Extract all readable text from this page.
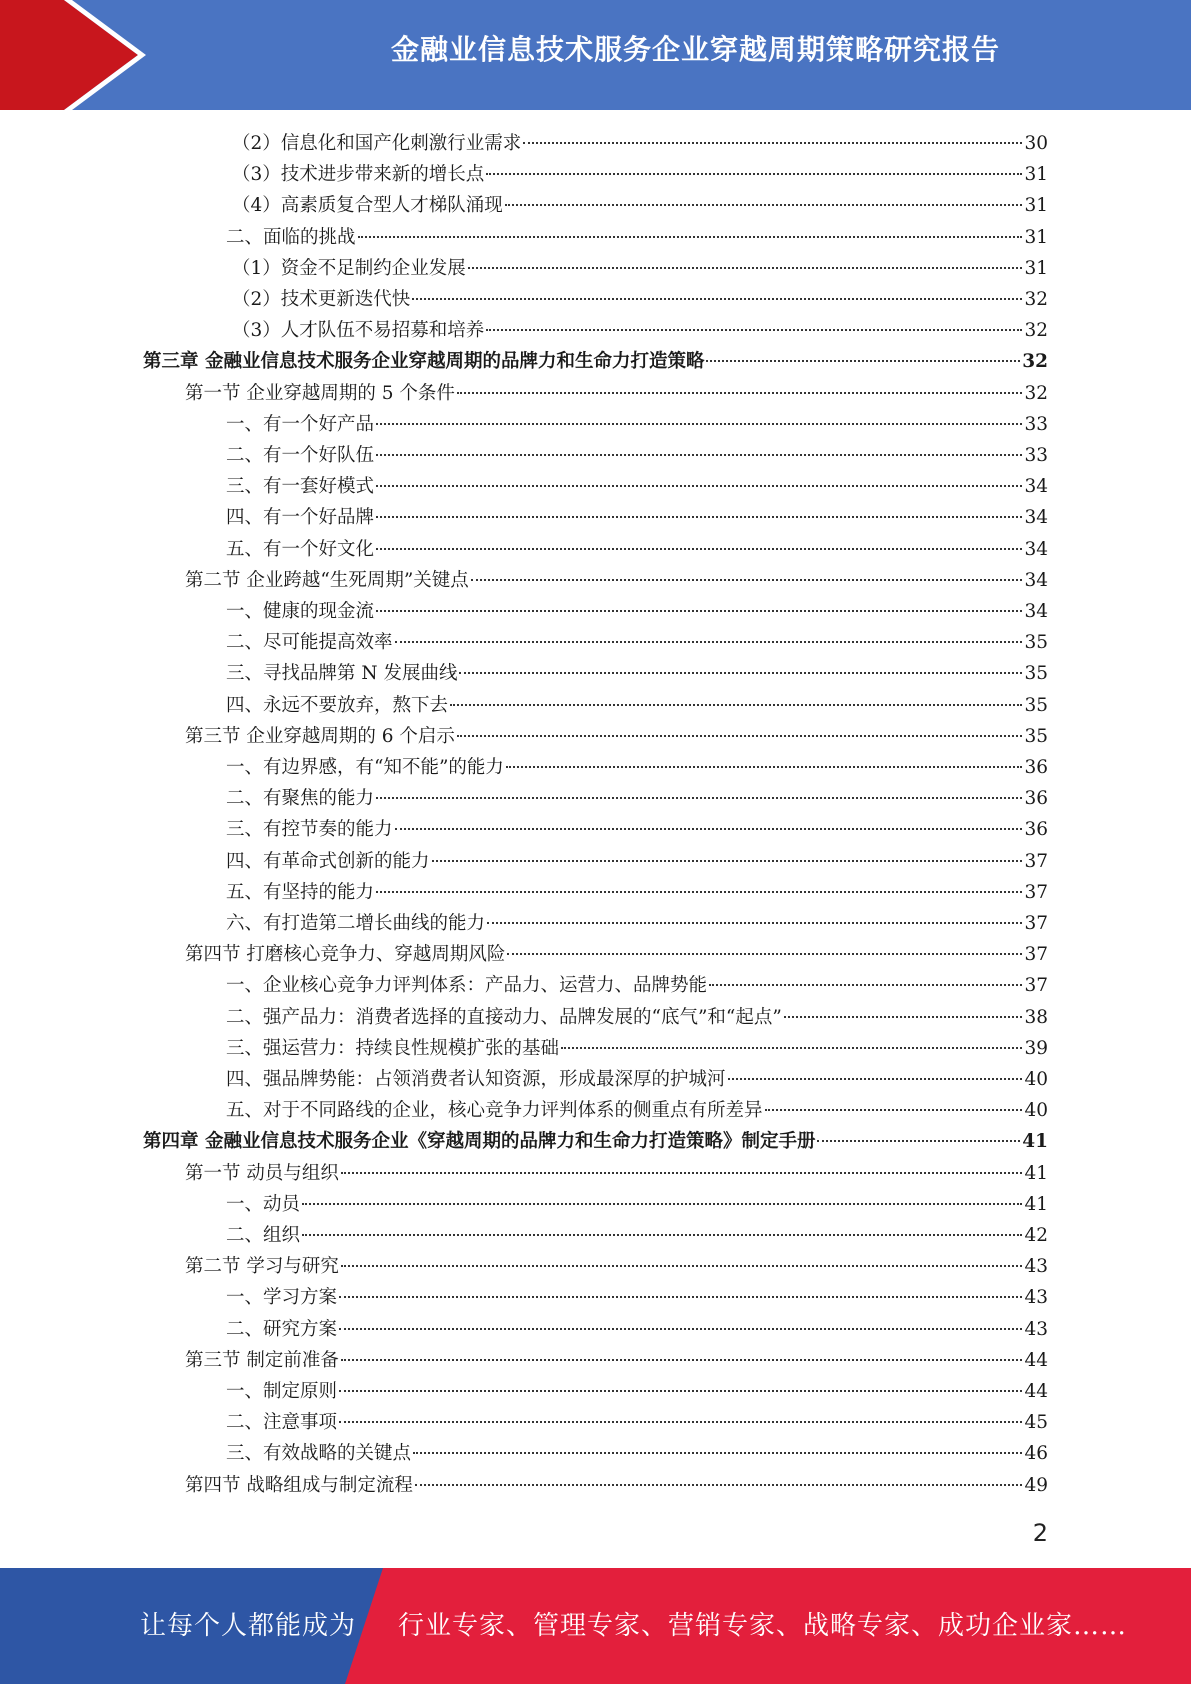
金融业信息技术服务企业穿越周期策略研究报告
（2）信息化和国产化刺激行业需求	30
（3）技术进步带来新的增长点	31
（4）高素质复合型人才梯队涌现	31
二、面临的挑战	31
（1）资金不足制约企业发展	31
（2）技术更新迭代快	32
（3）人才队伍不易招募和培养	32
第三章 金融业信息技术服务企业穿越周期的品牌力和生命力打造策略	32
第一节 企业穿越周期的 5 个条件	32
一、有一个好产品	33
二、有一个好队伍	33
三、有一套好模式	34
四、有一个好品牌	34
五、有一个好文化	34
第二节 企业跨越“生死周期”关键点	34
一、健康的现金流	34
二、尽可能提高效率	35
三、寻找品牌第 N 发展曲线	35
四、永远不要放弃，熬下去	35
第三节 企业穿越周期的 6 个启示	35
一、有边界感，有“知不能”的能力	36
二、有聚焦的能力	36
三、有控节奏的能力	36
四、有革命式创新的能力	37
五、有坚持的能力	37
六、有打造第二增长曲线的能力	37
第四节 打磨核心竞争力、穿越周期风险	37
一、企业核心竞争力评判体系：产品力、运营力、品牌势能	37
二、强产品力：消费者选择的直接动力、品牌发展的“底气”和“起点”	38
三、强运营力：持续良性规模扩张的基础	39
四、强品牌势能：占领消费者认知资源，形成最深厚的护城河	40
五、对于不同路线的企业，核心竞争力评判体系的侧重点有所差异	40
第四章 金融业信息技术服务企业《穿越周期的品牌力和生命力打造策略》制定手册	41
第一节 动员与组织	41
一、动员	41
二、组织	42
第二节 学习与研究	43
一、学习方案	43
二、研究方案	43
第三节 制定前准备	44
一、制定原则	44
二、注意事项	45
三、有效战略的关键点	46
第四节 战略组成与制定流程	49
2
让每个人都能成为 行业专家、管理专家、营销专家、战略专家、成功企业家……
